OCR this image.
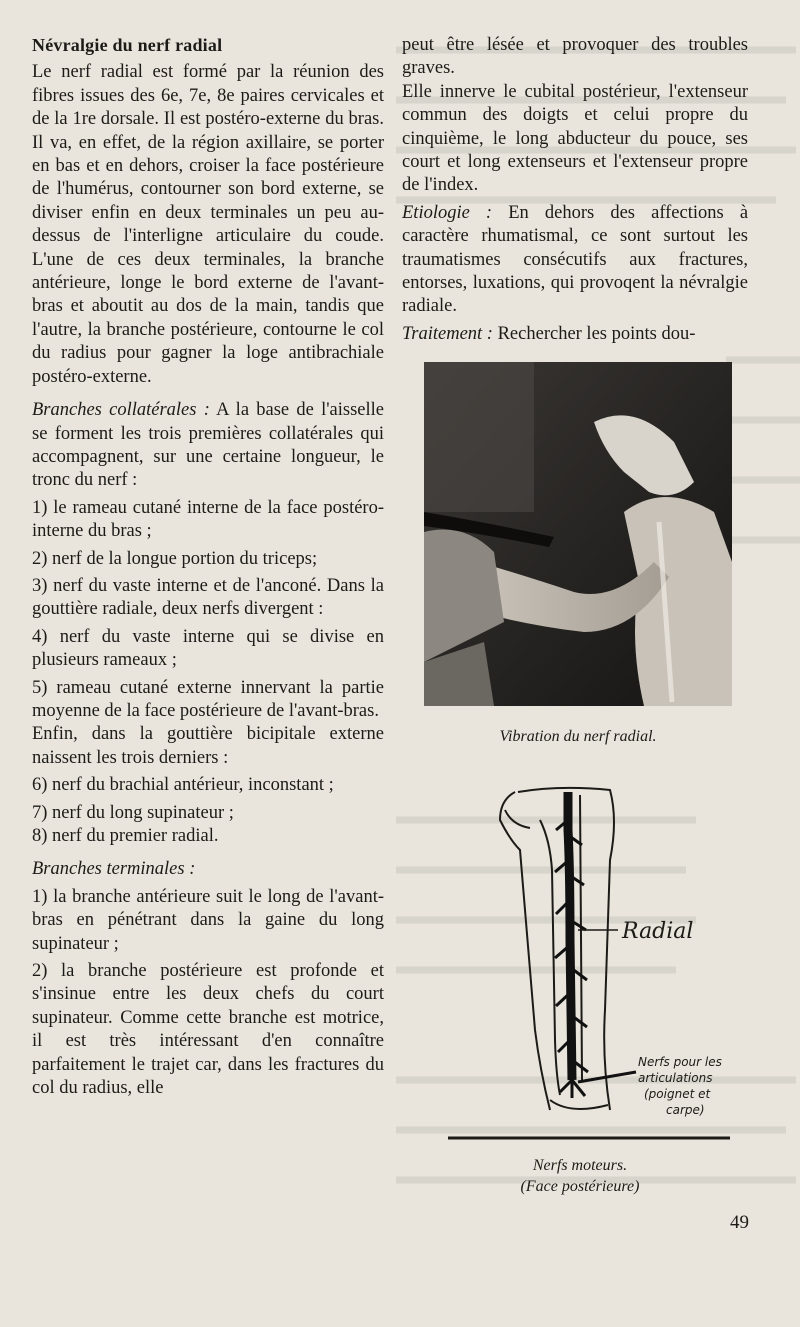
Névralgie du nerf radial

Le nerf radial est formé par la réunion des fibres issues des 6e, 7e, 8e paires cervicales et de la 1re dorsale. Il est postéro-externe du bras. Il va, en effet, de la région axillaire, se porter en bas et en dehors, croiser la face postérieure de l'humérus, contourner son bord externe, se diviser enfin en deux terminales un peu au-dessus de l'interligne articulaire du coude. L'une de ces deux terminales, la branche antérieure, longe le bord externe de l'avant-bras et aboutit au dos de la main, tandis que l'autre, la branche postérieure, contourne le col du radius pour gagner la loge antibrachiale postéro-externe.

Branches collatérales : A la base de l'aisselle se forment les trois premières collatérales qui accompagnent, sur une certaine longueur, le tronc du nerf :

1) le rameau cutané interne de la face postéro-interne du bras ;

2) nerf de la longue portion du triceps;

3) nerf du vaste interne et de l'anconé. Dans la gouttière radiale, deux nerfs divergent :

4) nerf du vaste interne qui se divise en plusieurs rameaux ;

5) rameau cutané externe innervant la partie moyenne de la face postérieure de l'avant-bras.

Enfin, dans la gouttière bicipitale externe naissent les trois derniers :

6) nerf du brachial antérieur, inconstant ;

7) nerf du long supinateur ;

8) nerf du premier radial.

Branches terminales :

1) la branche antérieure suit le long de l'avant-bras en pénétrant dans la gaine du long supinateur ;

2) la branche postérieure est profonde et s'insinue entre les deux chefs du court supinateur. Comme cette branche est motrice, il est très intéressant d'en connaître parfaitement le trajet car, dans les fractures du col du radius, elle

peut être lésée et provoquer des troubles graves.

Elle innerve le cubital postérieur, l'extenseur commun des doigts et celui propre du cinquième, le long abducteur du pouce, ses court et long extenseurs et l'extenseur propre de l'index.

Etiologie : En dehors des affections à caractère rhumatismal, ce sont surtout les traumatismes consécutifs aux fractures, entorses, luxations, qui provoqent la névralgie radiale.

Traitement : Rechercher les points dou-

Vibration du nerf radial.
Radial
Nerfs pour les
articulations
(poignet et
carpe)
Nerfs moteurs.
(Face postérieure)
49
